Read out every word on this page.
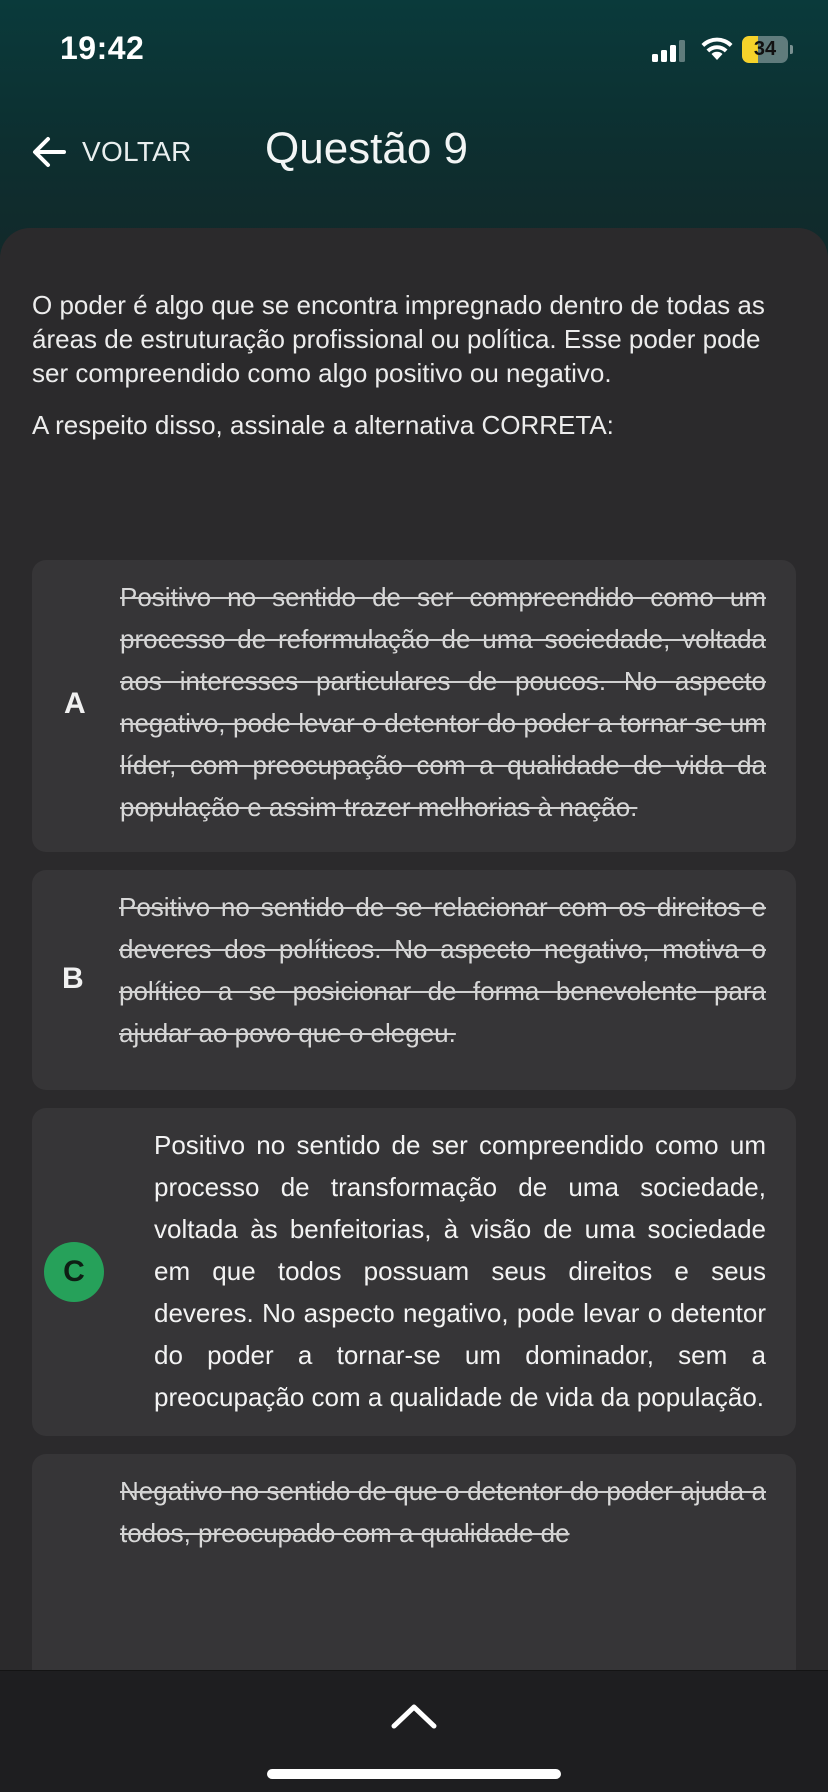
19:42	34
VOLTAR Questão 9

O poder é algo que se encontra impregnado dentro de todas as áreas de estruturação profissional ou política. Esse poder pode ser compreendido como algo positivo ou negativo.

A respeito disso, assinale a alternativa CORRETA:

A
Positivo no sentido de ser compreendido como um processo de reformulação de uma sociedade, voltada aos interesses particulares de poucos. No aspecto negativo, pode levar o detentor do poder a tornar se um líder, com preocupação com a qualidade de vida da população e assim trazer melhorias à nação.
B
Positivo no sentido de se relacionar com os direitos e deveres dos políticos. No aspecto negativo, motiva o político a se posicionar de forma benevolente para ajudar ao povo que o elegeu.
C
Positivo no sentido de ser compreendido como um processo de transformação de uma sociedade, voltada às benfeitorias, à visão de uma sociedade em que todos possuam seus direitos e seus deveres. No aspecto negativo, pode levar o detentor do poder a tornar-se um dominador, sem a preocupação com a qualidade de vida da população.
Negativo no sentido de que o detentor do poder ajuda a todos, preocupado com a qualidade de
